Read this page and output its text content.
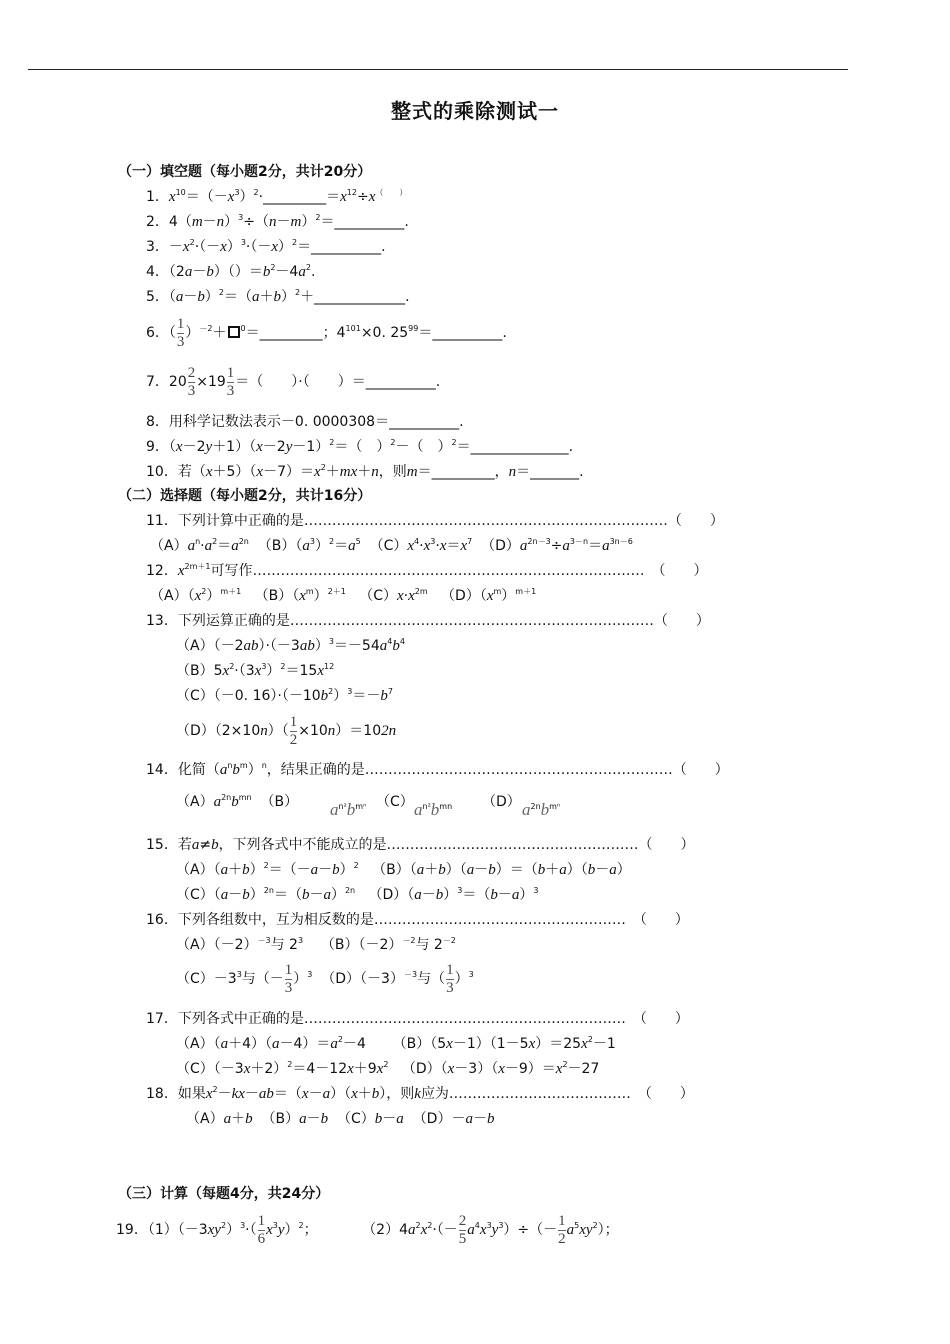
整式的乘除测试一
（一）填空题（每小题2分，共计20分）
1．$x^{10}=(-x^3)^2\cdot\_\_\_\_\_\_\_\_\_=x^{12}\div x^{( )}$
2．$4(m-n)^3\div(n-m)^2=\_\_\_\_\_\_\_\_\_\_$.
3．$-x^2\cdot(-x)^3\cdot(-x)^2=\_\_\_\_\_\_\_\_\_\_$.
4．$(2a-b)()=b^2-4a^2$.
5．$(a-b)^2=(a+b)^2+\_\_\_\_\_\_\_\_\_\_\_\_\_$.
6．（ $\frac{1}{3} )^{-2}+$ $^0$＝_________；$4^{101}\times 0$. $25^{99}=\_\_\_\_\_\_\_\_\_\_$.
7．$20 \frac{2}{3} \times 19 \frac{1}{3}$ ＝（　　）·（　　）＝__________.
8．用科学记数法表示－0. 0000308＝__________.
9．$(x-2y+1)(x-2y-1)^2=$（　）$^2$－（　）$^2$＝______________.
10．若$(x+5)(x-7)=x^2+mx+n$，则m＝_________，n＝_______.
（二）选择题（每小题2分，共计16分）
11．下列计算中正确的是……………………………………………………………………（　　）
$(A)a^n\cdot a^2=a^{2n}$ $(B)(a^3)^2=a^5$ $(C)x^4\cdot x^3\cdot x=x^7$ $(D)a^{2n-3}\div a^{3-n}=a^{3n-6}$
12．$x^{2m+1}$可写作…………………………………………………………………………　（　　）
$(A)(x^2)^{m+1}$ $(B)(x^m)^{2+1}$ $(C)x\cdot x^{2m}$ $(D)(x^m)^{m+1}$
13．下列运算正确的是……………………………………………………………………（　　）
$(A)(-2ab)\cdot(-3ab)^3=-54a^4b^4$
$(B)5x^2\cdot(3x^3)^2=15x^{12}$
（C）（－0. $16)\cdot(-10b^2)^3=-b^7$
$(D)(2\times 10n)( \frac{1}{2} \times 10n)=102n$
14．化简$(a^nb^m)^n$，结果正确的是…………………………………………………………（　　）
$(A)a^{2n}b^{mn}$ （B）	$a^{n^2}b^{m^n}$ （C） $a^{n^2}b^{mn}$ （D） $a^{2n}b^{m^n}$
15．若a≠b，下列各式中不能成立的是………………………………………………（　　）
$(A)(a+b)^2=(-a-b)^2$ （B）（a＋b）（a－b）＝（b＋a）（b－a）
$(C)(a-b)^{2n}=(b-a)^{2n}$ $(D)(a-b)^3=(b-a)^3$
16．下列各组数中，互为相反数的是………………………………………………　（　　）
$(A)(-2)^{-3}$与 $2^3$ $(B)(-2)^{-2}$与 $2^{-2}$
$(C)-3^3$与（－ $\frac{1}{3} )^3$ $(D)(-3)^{-3}$与（ $\frac{1}{3} )^3$
17．下列各式中正确的是……………………………………………………………　（　　）
$(A)(a+4)(a-4)=a^2-4$ $(B)(5x-1)(1-5x)=25x^2-1$
$(C)(-3x+2)^2=4-12x+9x^2$ $(D)(x-3)(x-9)=x^2-27$
18．如果$x^2-kx-ab=(x-a)(x+b)$，则k应为…………………………………　（　　）
（A）a＋b （B）a－b （C）b－a （D）－a－b
（三）计算（每题4分，共24分）
19．$(1)(-3xy^2)^3\cdot( \frac{1}{6} x^3y)^2$；	$(2)4a^2x^2\cdot(- \frac{2}{5} a^4x^3y^3)\div(- \frac{1}{2} a^5xy^2)$；
